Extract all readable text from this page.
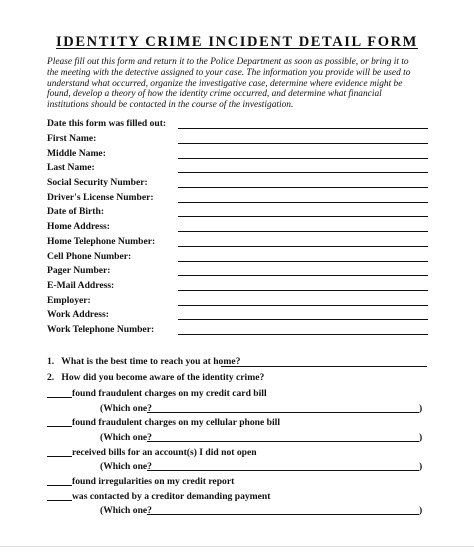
IDENTITY CRIME INCIDENT DETAIL FORM
Please fill out this form and return it to the Police Department as soon as possible, or bring it to the meeting with the detective assigned to your case. The information you provide will be used to understand what occurred, organize the investigative case, determine where evidence might be found, develop a theory of how the identity crime occurred, and determine what financial institutions should be contacted in the course of the investigation.
Date this form was filled out:
First Name:
Middle Name:
Last Name:
Social Security Number:
Driver's License Number:
Date of Birth:
Home Address:
Home Telephone Number:
Cell Phone Number:
Pager Number:
E-Mail Address:
Employer:
Work Address:
Work Telephone Number:
1. What is the best time to reach you at home?
2. How did you become aware of the identity crime?
found fraudulent charges on my credit card bill
(Which one?	)
found fraudulent charges on my cellular phone bill
(Which one?	)
received bills for an account(s) I did not open
(Which one?	)
found irregularities on my credit report
was contacted by a creditor demanding payment
(Which one?	)
